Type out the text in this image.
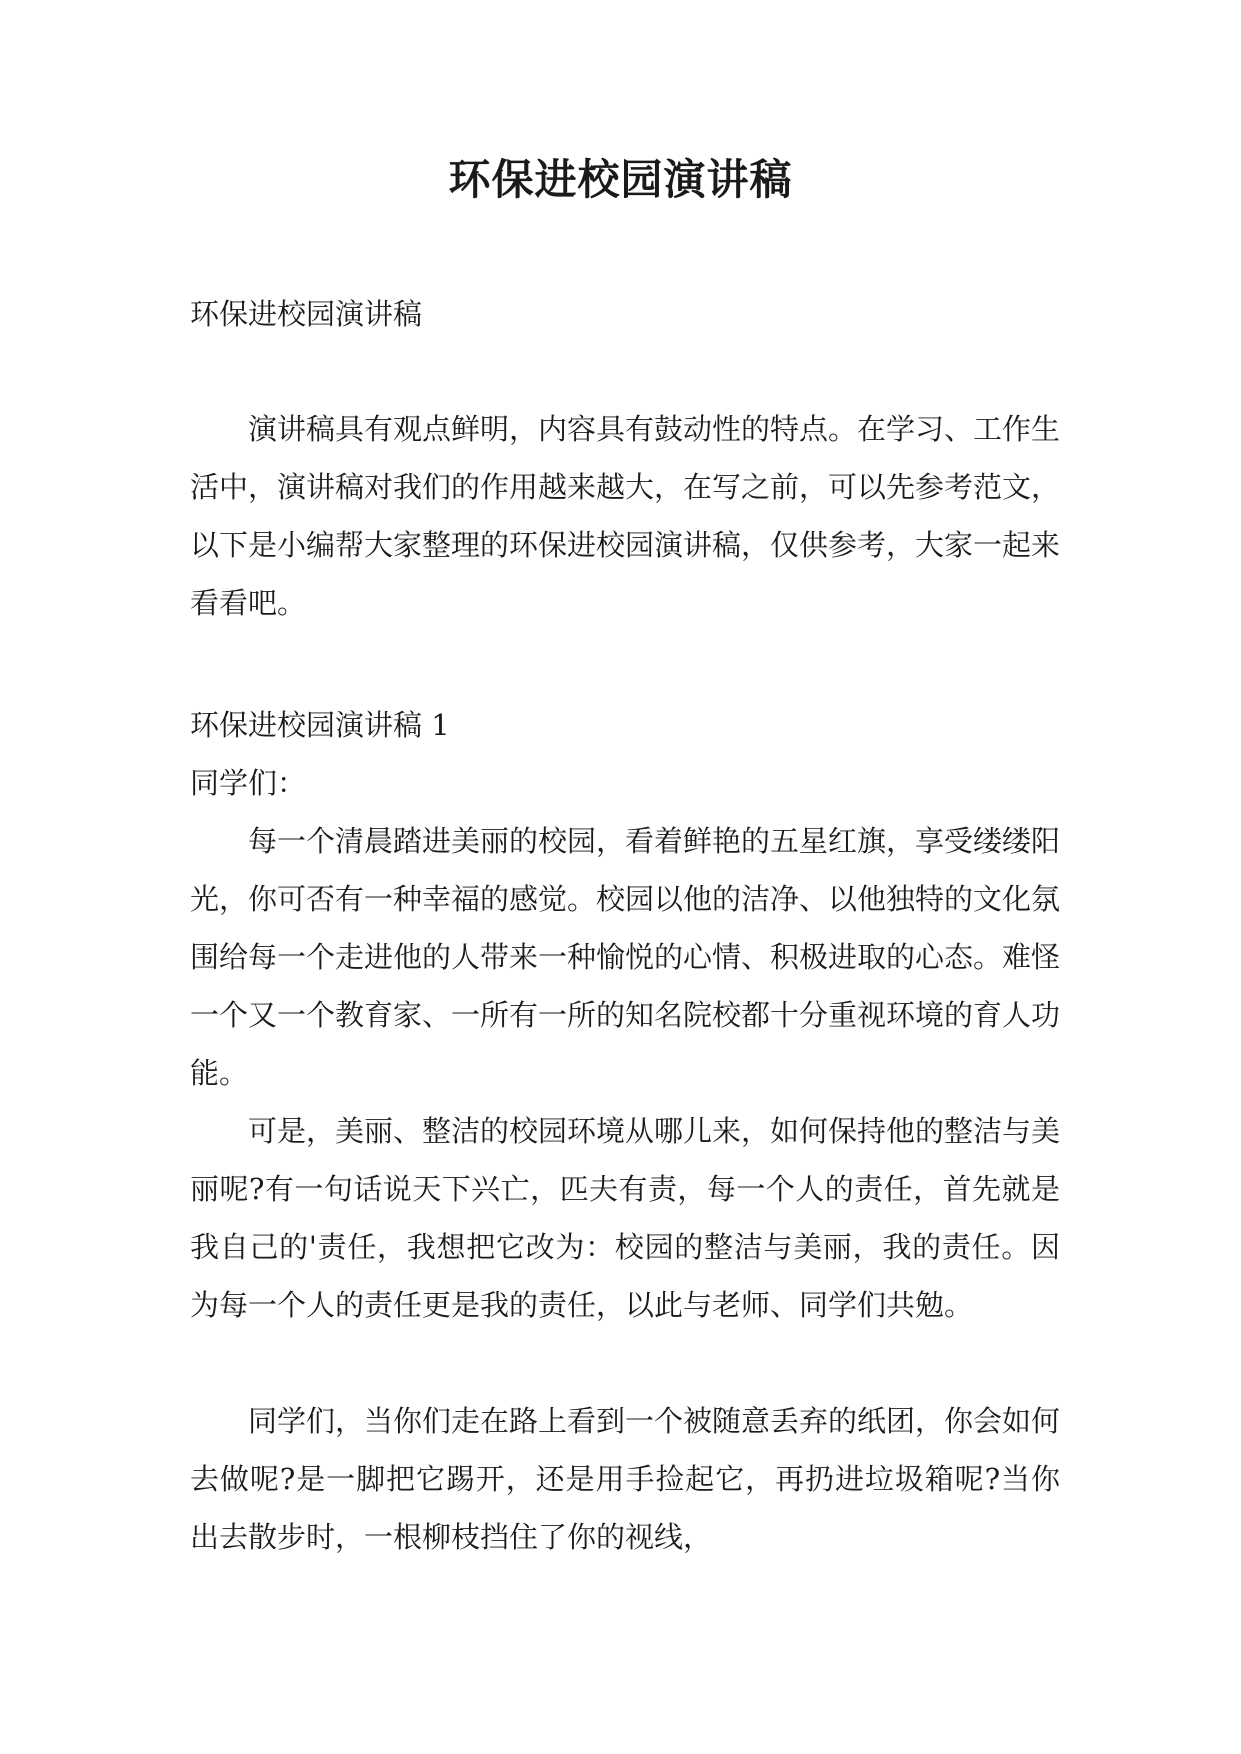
环保进校园演讲稿

环保进校园演讲稿

演讲稿具有观点鲜明，内容具有鼓动性的特点。在学习、工作生活中，演讲稿对我们的作用越来越大，在写之前，可以先参考范文，以下是小编帮大家整理的环保进校园演讲稿，仅供参考，大家一起来看看吧。

环保进校园演讲稿 1

同学们：

每一个清晨踏进美丽的校园，看着鲜艳的五星红旗，享受缕缕阳光，你可否有一种幸福的感觉。校园以他的洁净、以他独特的文化氛围给每一个走进他的人带来一种愉悦的心情、积极进取的心态。难怪一个又一个教育家、一所有一所的知名院校都十分重视环境的育人功能。

可是，美丽、整洁的校园环境从哪儿来，如何保持他的整洁与美丽呢?有一句话说天下兴亡，匹夫有责，每一个人的责任，首先就是我自己的'责任，我想把它改为：校园的整洁与美丽，我的责任。因为每一个人的责任更是我的责任，以此与老师、同学们共勉。

同学们，当你们走在路上看到一个被随意丢弃的纸团，你会如何去做呢?是一脚把它踢开，还是用手捡起它，再扔进垃圾箱呢?当你出去散步时，一根柳枝挡住了你的视线，
